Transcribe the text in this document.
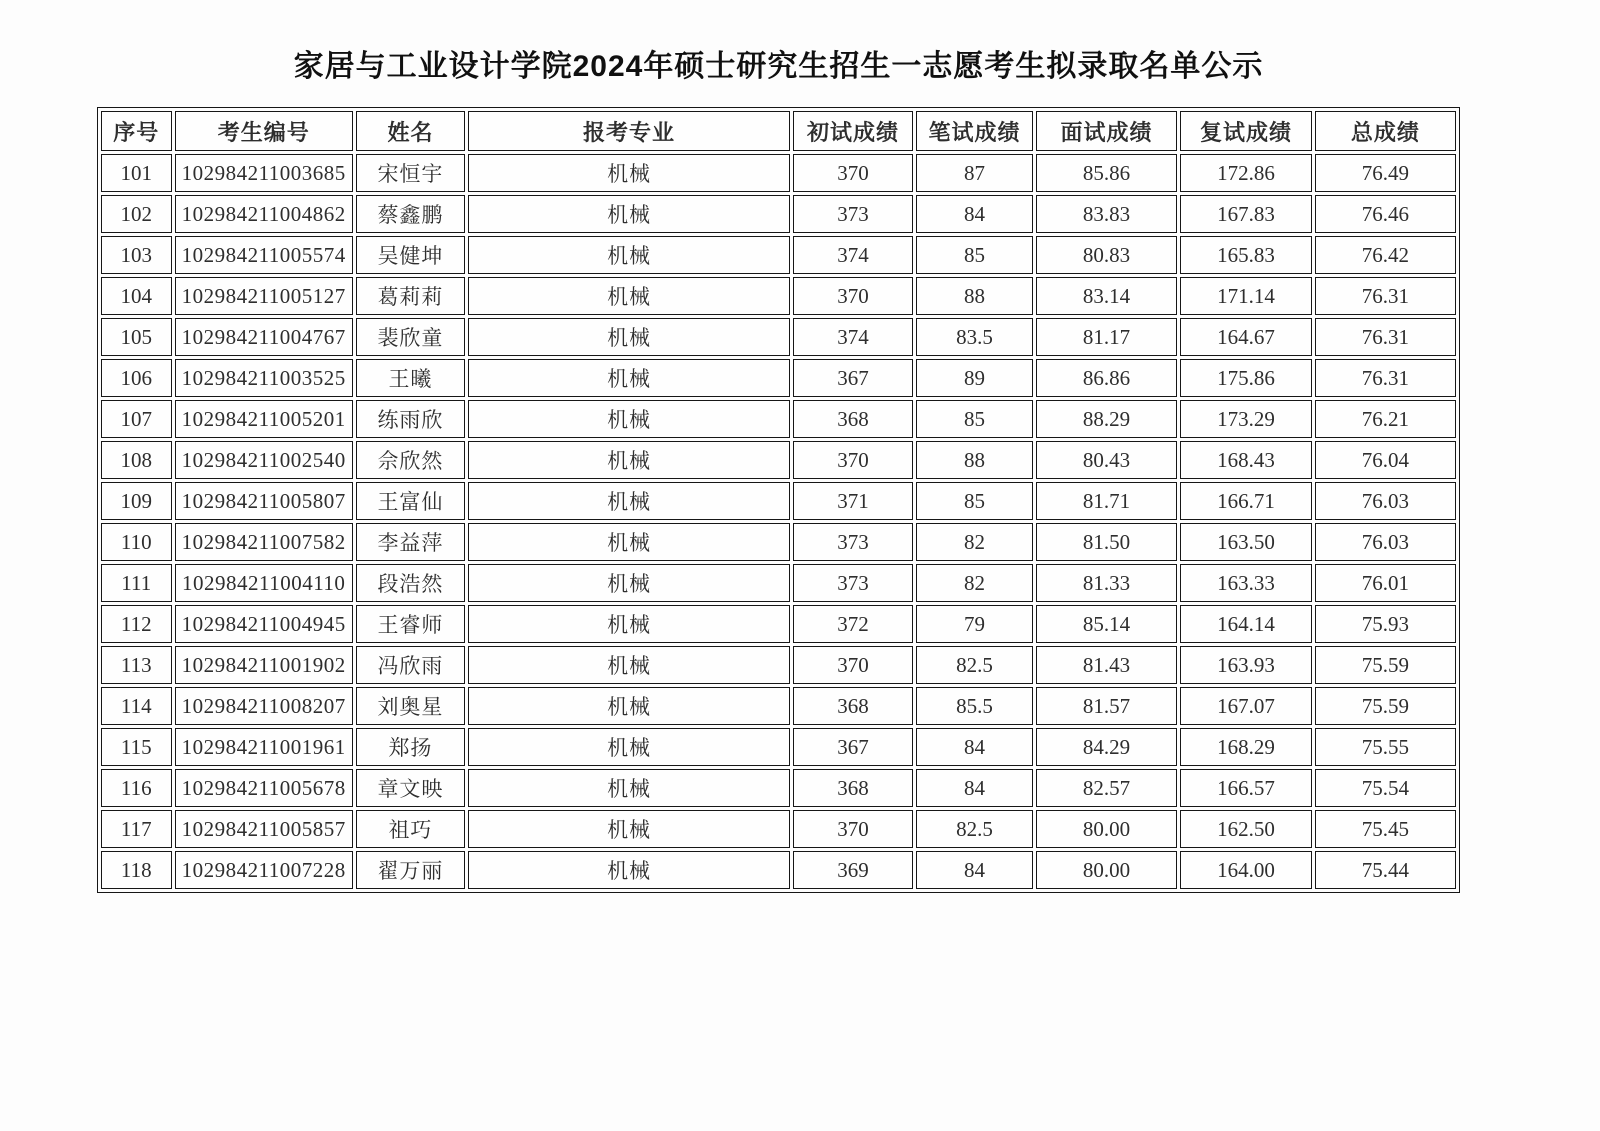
家居与工业设计学院2024年硕士研究生招生一志愿考生拟录取名单公示
序号	考生编号	姓名	报考专业	初试成绩	笔试成绩	面试成绩	复试成绩	总成绩
101	102984211003685	宋恒宇	机械	370	87	85.86	172.86	76.49
102	102984211004862	蔡鑫鹏	机械	373	84	83.83	167.83	76.46
103	102984211005574	吴健坤	机械	374	85	80.83	165.83	76.42
104	102984211005127	葛莉莉	机械	370	88	83.14	171.14	76.31
105	102984211004767	裴欣童	机械	374	83.5	81.17	164.67	76.31
106	102984211003525	王曦	机械	367	89	86.86	175.86	76.31
107	102984211005201	练雨欣	机械	368	85	88.29	173.29	76.21
108	102984211002540	佘欣然	机械	370	88	80.43	168.43	76.04
109	102984211005807	王富仙	机械	371	85	81.71	166.71	76.03
110	102984211007582	李益萍	机械	373	82	81.50	163.50	76.03
111	102984211004110	段浩然	机械	373	82	81.33	163.33	76.01
112	102984211004945	王睿师	机械	372	79	85.14	164.14	75.93
113	102984211001902	冯欣雨	机械	370	82.5	81.43	163.93	75.59
114	102984211008207	刘奥星	机械	368	85.5	81.57	167.07	75.59
115	102984211001961	郑扬	机械	367	84	84.29	168.29	75.55
116	102984211005678	章文映	机械	368	84	82.57	166.57	75.54
117	102984211005857	祖巧	机械	370	82.5	80.00	162.50	75.45
118	102984211007228	翟万丽	机械	369	84	80.00	164.00	75.44
